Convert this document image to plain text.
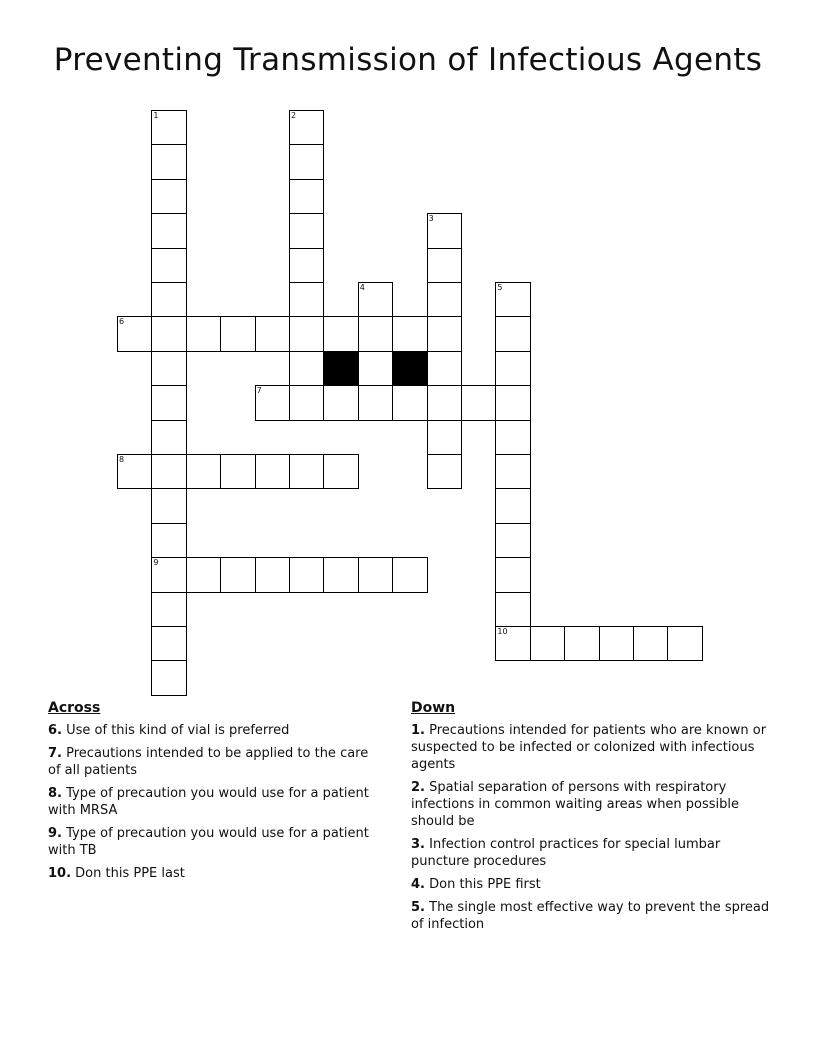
Preventing Transmission of Infectious Agents
1	2
3
4	5
6
7
8
9
10
Across
6. Use of this kind of vial is preferred
7. Precautions intended to be applied to the care of all patients
8. Type of precaution you would use for a patient with MRSA
9. Type of precaution you would use for a patient with TB
10. Don this PPE last
Down
1. Precautions intended for patients who are known or suspected to be infected or colonized with infectious agents
2. Spatial separation of persons with respiratory infections in common waiting areas when possible should be
3. Infection control practices for special lumbar puncture procedures
4. Don this PPE first
5. The single most effective way to prevent the spread of infection
